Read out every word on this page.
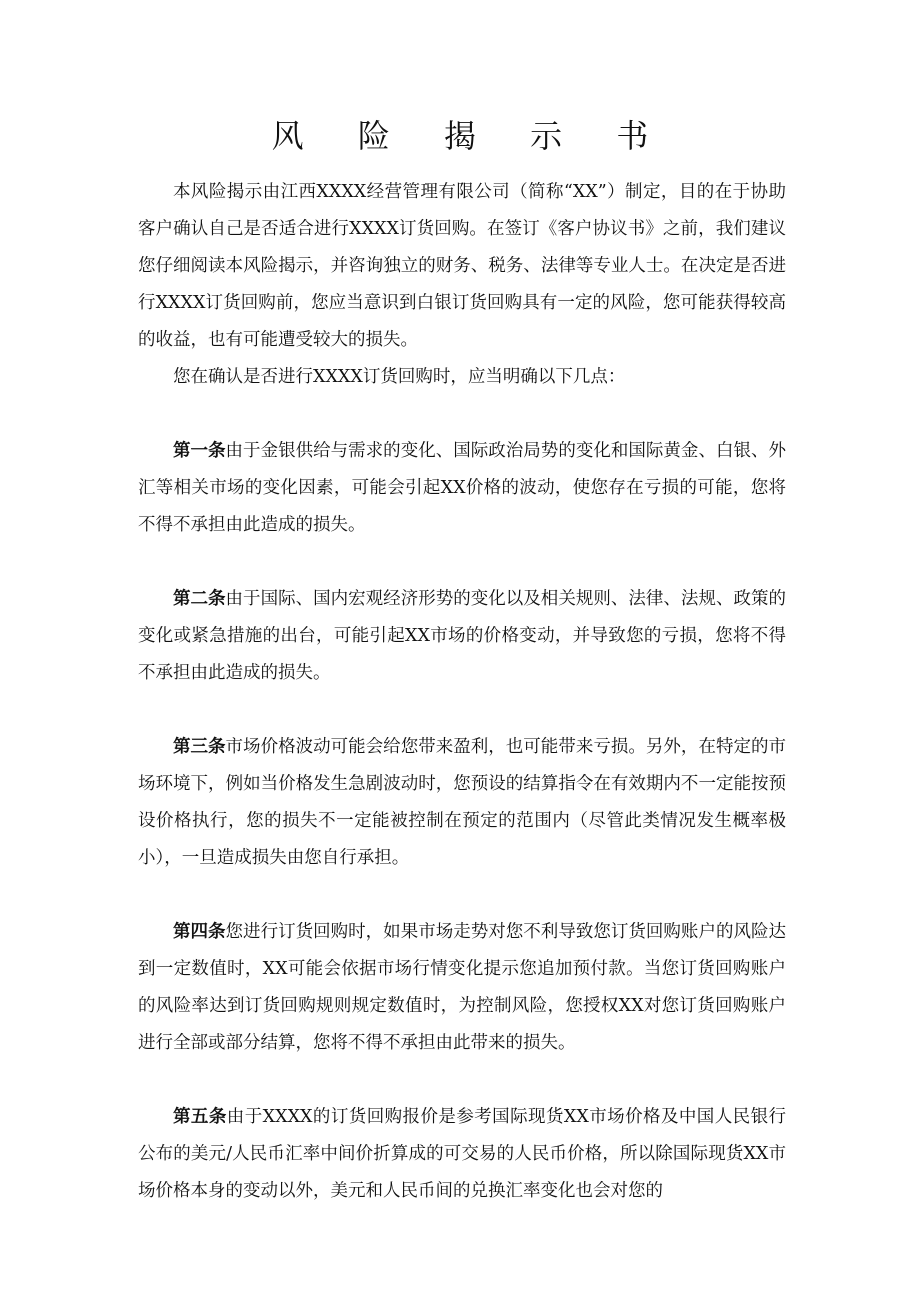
风 险 揭 示 书

本风险揭示由江西XXXX经营管理有限公司（简称“XX”）制定，目的在于协助客户确认自己是否适合进行XXXX订货回购。在签订《客户协议书》之前，我们建议您仔细阅读本风险揭示，并咨询独立的财务、税务、法律等专业人士。在决定是否进行XXXX订货回购前，您应当意识到白银订货回购具有一定的风险，您可能获得较高的收益，也有可能遭受较大的损失。

您在确认是否进行XXXX订货回购时，应当明确以下几点：

第一条由于金银供给与需求的变化、国际政治局势的变化和国际黄金、白银、外汇等相关市场的变化因素，可能会引起XX价格的波动，使您存在亏损的可能，您将不得不承担由此造成的损失。

第二条由于国际、国内宏观经济形势的变化以及相关规则、法律、法规、政策的变化或紧急措施的出台，可能引起XX市场的价格变动，并导致您的亏损，您将不得不承担由此造成的损失。

第三条市场价格波动可能会给您带来盈利，也可能带来亏损。另外，在特定的市场环境下，例如当价格发生急剧波动时，您预设的结算指令在有效期内不一定能按预设价格执行，您的损失不一定能被控制在预定的范围内（尽管此类情况发生概率极小），一旦造成损失由您自行承担。

第四条您进行订货回购时，如果市场走势对您不利导致您订货回购账户的风险达到一定数值时，XX可能会依据市场行情变化提示您追加预付款。当您订货回购账户的风险率达到订货回购规则规定数值时，为控制风险，您授权XX对您订货回购账户进行全部或部分结算，您将不得不承担由此带来的损失。

第五条由于XXXX的订货回购报价是参考国际现货XX市场价格及中国人民银行公布的美元/人民币汇率中间价折算成的可交易的人民币价格，所以除国际现货XX市场价格本身的变动以外，美元和人民币间的兑换汇率变化也会对您的
